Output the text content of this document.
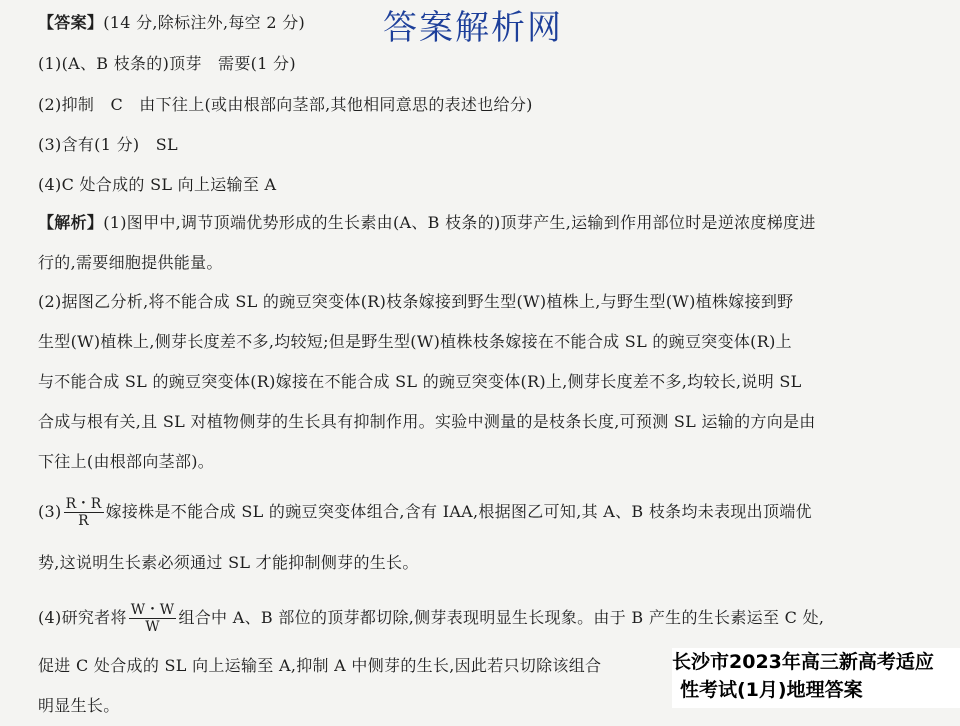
答案解析网
【答案】(14 分,除标注外,每空 2 分)
(1)(A、B 枝条的)顶芽　需要(1 分)
(2)抑制　C　由下往上(或由根部向茎部,其他相同意思的表述也给分)
(3)含有(1 分)　SL
(4)C 处合成的 SL 向上运输至 A
【解析】(1)图甲中,调节顶端优势形成的生长素由(A、B 枝条的)顶芽产生,运输到作用部位时是逆浓度梯度进
行的,需要细胞提供能量。
(2)据图乙分析,将不能合成 SL 的豌豆突变体(R)枝条嫁接到野生型(W)植株上,与野生型(W)植株嫁接到野
生型(W)植株上,侧芽长度差不多,均较短;但是野生型(W)植株枝条嫁接在不能合成 SL 的豌豆突变体(R)上
与不能合成 SL 的豌豆突变体(R)嫁接在不能合成 SL 的豌豆突变体(R)上,侧芽长度差不多,均较长,说明 SL
合成与根有关,且 SL 对植物侧芽的生长具有抑制作用。实验中测量的是枝条长度,可预测 SL 运输的方向是由
下往上(由根部向茎部)。
$(3) \frac{R・R}{R}$ 嫁接株是不能合成 SL 的豌豆突变体组合,含有 IAA,根据图乙可知,其 A、B 枝条均未表现出顶端优
势,这说明生长素必须通过 SL 才能抑制侧芽的生长。
(4)研究者将 $\frac{W・W}{W}$ 组合中 A、B 部位的顶芽都切除,侧芽表现明显生长现象。由于 B 产生的生长素运至 C 处,
促进 C 处合成的 SL 向上运输至 A,抑制 A 中侧芽的生长,因此若只切除该组合
明显生长。
长沙市2023年高三新高考适应
性考试(1月)地理答案
